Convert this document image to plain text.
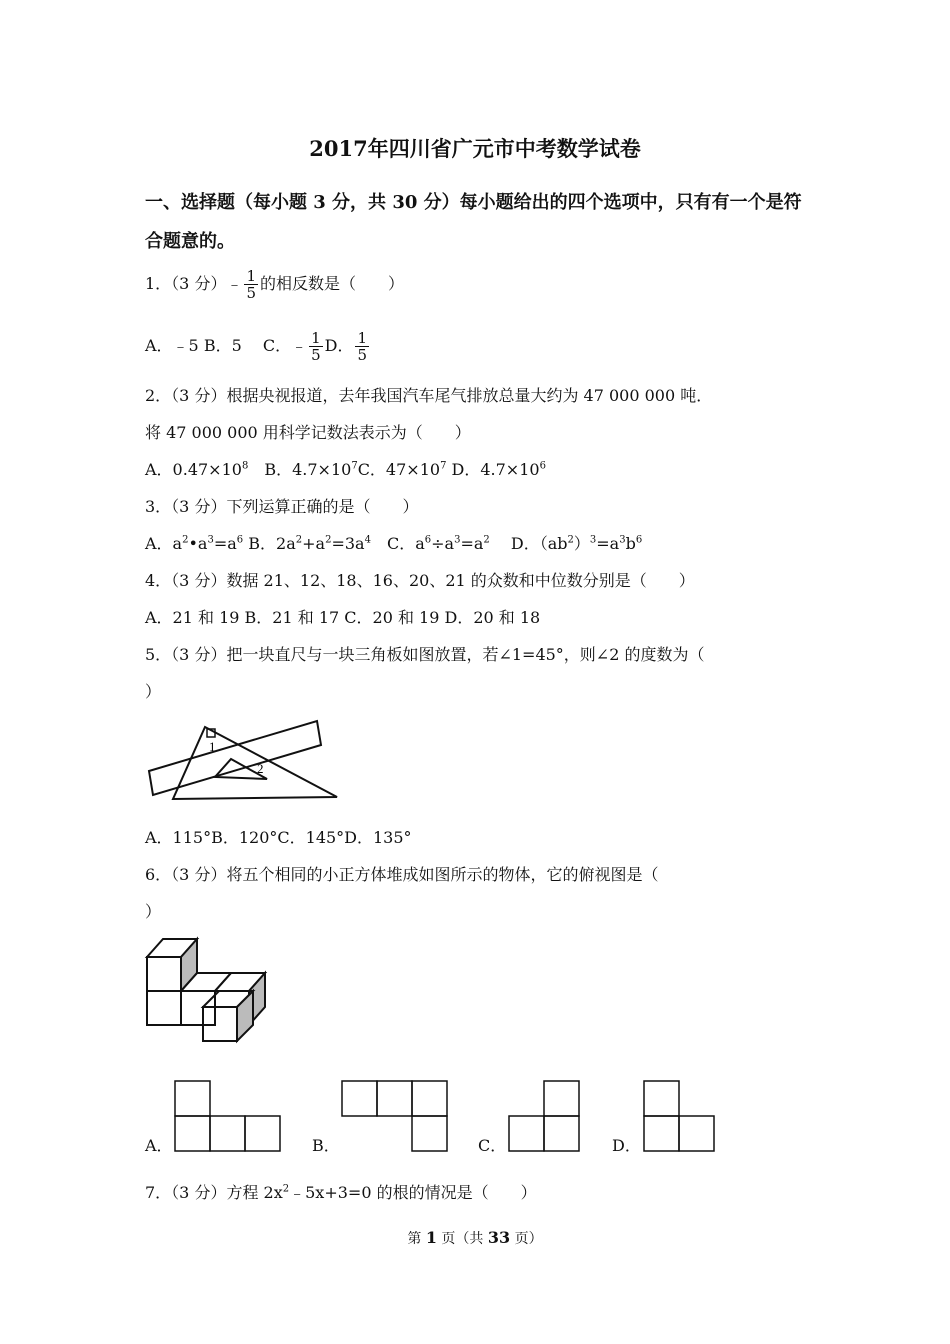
2017年四川省广元市中考数学试卷
一、选择题（每小题 3 分，共 30 分）每小题给出的四个选项中，只有有一个是符
合题意的。
1．（3 分）﹣ $\frac{1}{5}$ 的相反数是（　　）
A．﹣5 B．5　 C．﹣ $\frac{1}{5}$ D． $\frac{1}{5}$
2．（3 分）根据央视报道，去年我国汽车尾气排放总量大约为 47 000 000 吨．
将 47 000 000 用科学记数法表示为（　　）
A．$0.47\times 10^8$　B．$4.7\times 10^7C$．$47\times 10^7$ D．$4.7\times 10^6$
3．（3 分）下列运算正确的是（　　）
A．$a^2•a^3=a^6$ B．$2a^2+a^2=3a^4$　C．$a^6\div a^3=a^2$　 D．$(ab^2)^3=a^3b^6$
4．（3 分）数据 21、12、18、16、20、21 的众数和中位数分别是（　　）
A．21 和 19 B．21 和 17 C．20 和 19 D．20 和 18
5．（3 分）把一块直尺与一块三角板如图放置，若∠1=45°，则∠2 的度数为（
）
1
2
A．115°B．120°C．145°D．135°
6．（3 分）将五个相同的小正方体堆成如图所示的物体，它的俯视图是（
）
A．	B．	C．	D．
7．（3 分）方程 $2x^2﹣5x+3=0$ 的根的情况是（　　）
第 1 页（共 33 页）
